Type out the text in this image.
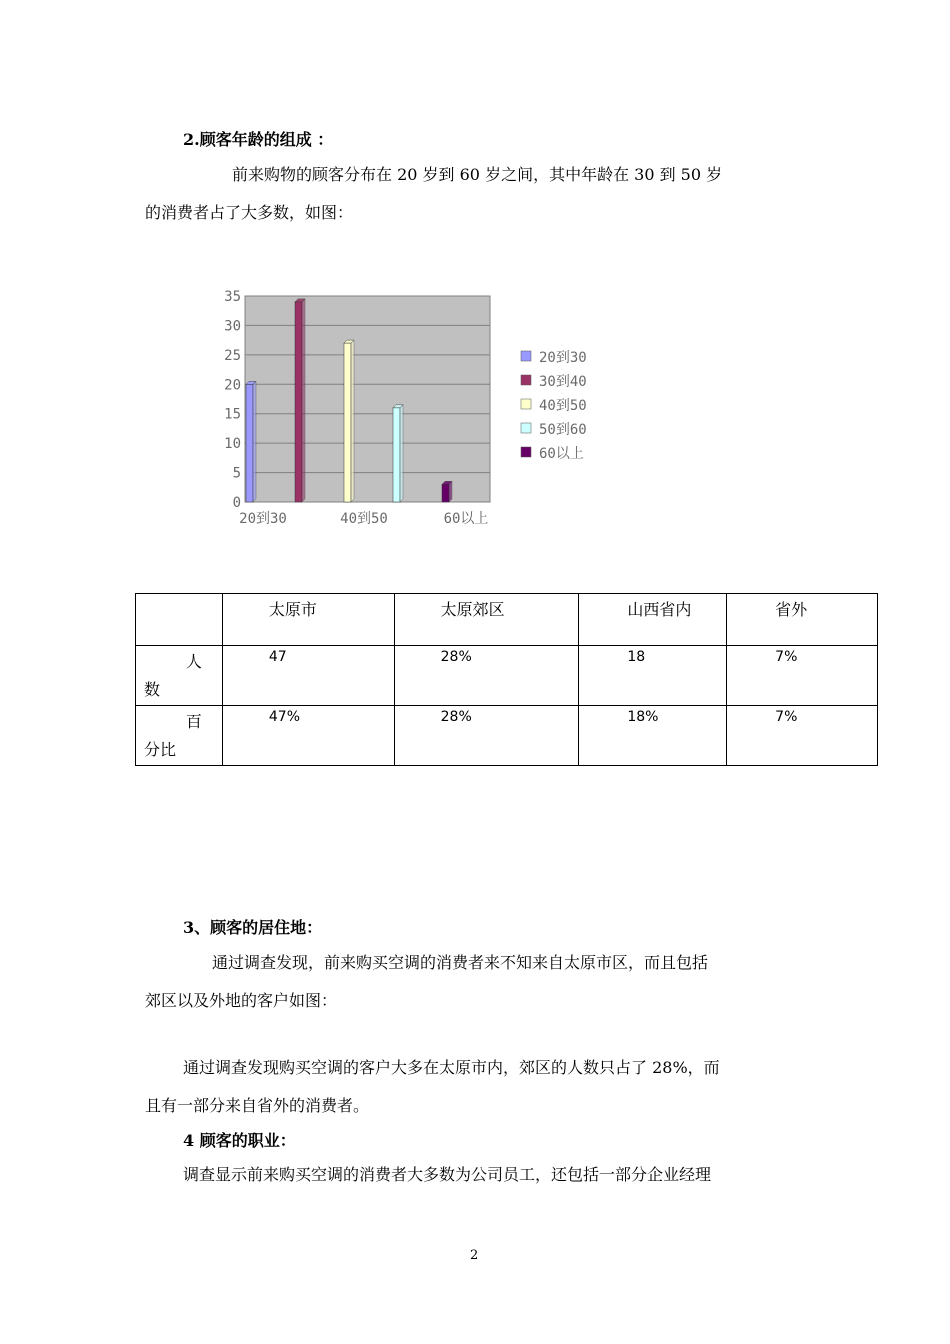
2.顾客年龄的组成 ：
前来购物的顾客分布在 20 岁到 60 岁之间，其中年龄在 30 到 50 岁
的消费者占了大多数，如图：
0
5
10
15
20
25
30
35
20到30	40到50	60以上
20到30
30到40
40到50
50到60
60以上

	太原市	太原郊区	山西省内	省外

人
数	47	28%	18	7%

百
分比	47%	28%	18%	7%
3、顾客的居住地：
通过调查发现，前来购买空调的消费者来不知来自太原市区，而且包括
郊区以及外地的客户如图：
通过调查发现购买空调的客户大多在太原市内，郊区的人数只占了 28%，而
且有一部分来自省外的消费者。
4 顾客的职业：
调查显示前来购买空调的消费者大多数为公司员工，还包括一部分企业经理
2
